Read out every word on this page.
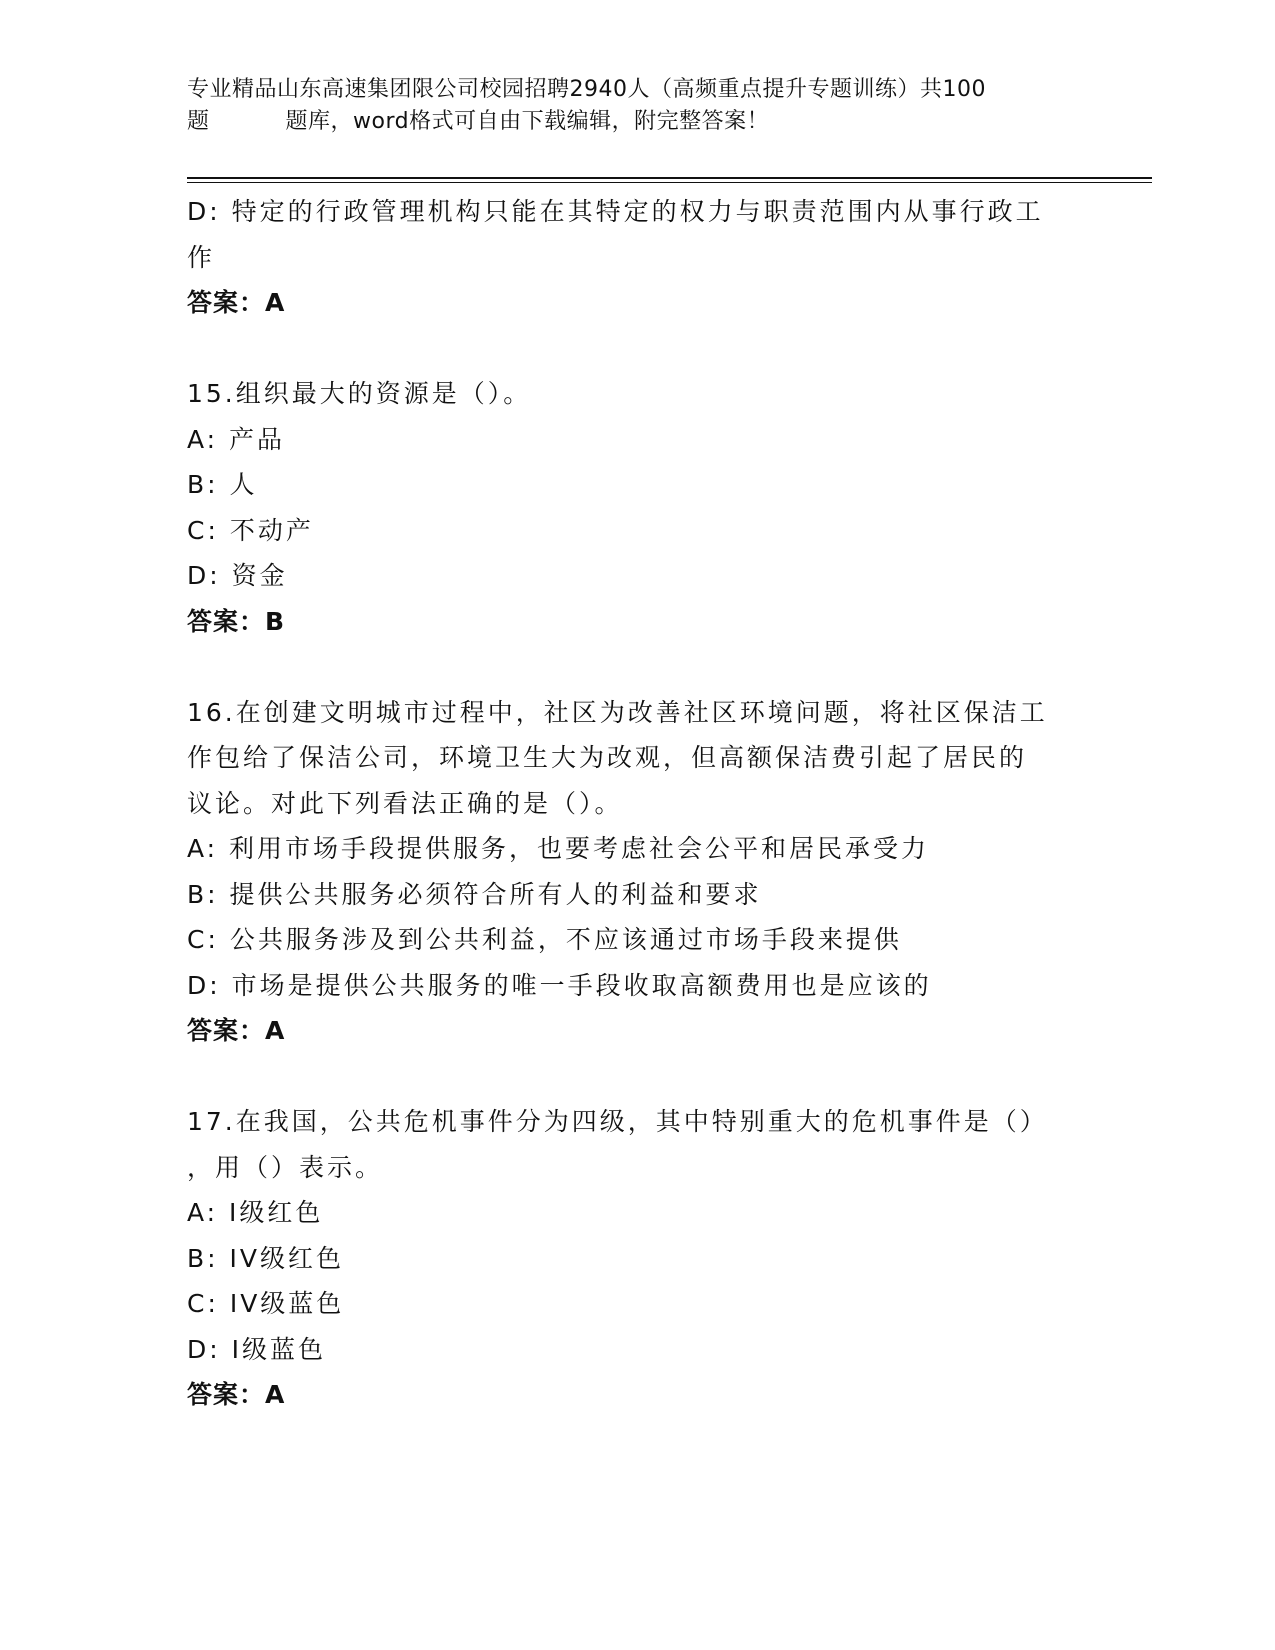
专业精品山东高速集团限公司校园招聘2940人（高频重点提升专题训练）共100
题	题库，word格式可自由下载编辑，附完整答案！

D: 特定的行政管理机构只能在其特定的权力与职责范围内从事行政工

作

答案：A

15.组织最大的资源是（）。

A: 产品

B: 人

C: 不动产

D: 资金

答案：B

16.在创建文明城市过程中，社区为改善社区环境问题，将社区保洁工

作包给了保洁公司，环境卫生大为改观，但高额保洁费引起了居民的

议论。对此下列看法正确的是（）。

A: 利用市场手段提供服务，也要考虑社会公平和居民承受力

B: 提供公共服务必须符合所有人的利益和要求

C: 公共服务涉及到公共利益，不应该通过市场手段来提供

D: 市场是提供公共服务的唯一手段收取高额费用也是应该的

答案：A

17.在我国，公共危机事件分为四级，其中特别重大的危机事件是（）

，用（）表示。

A: I级红色

B: IV级红色

C: IV级蓝色

D: I级蓝色

答案：A
